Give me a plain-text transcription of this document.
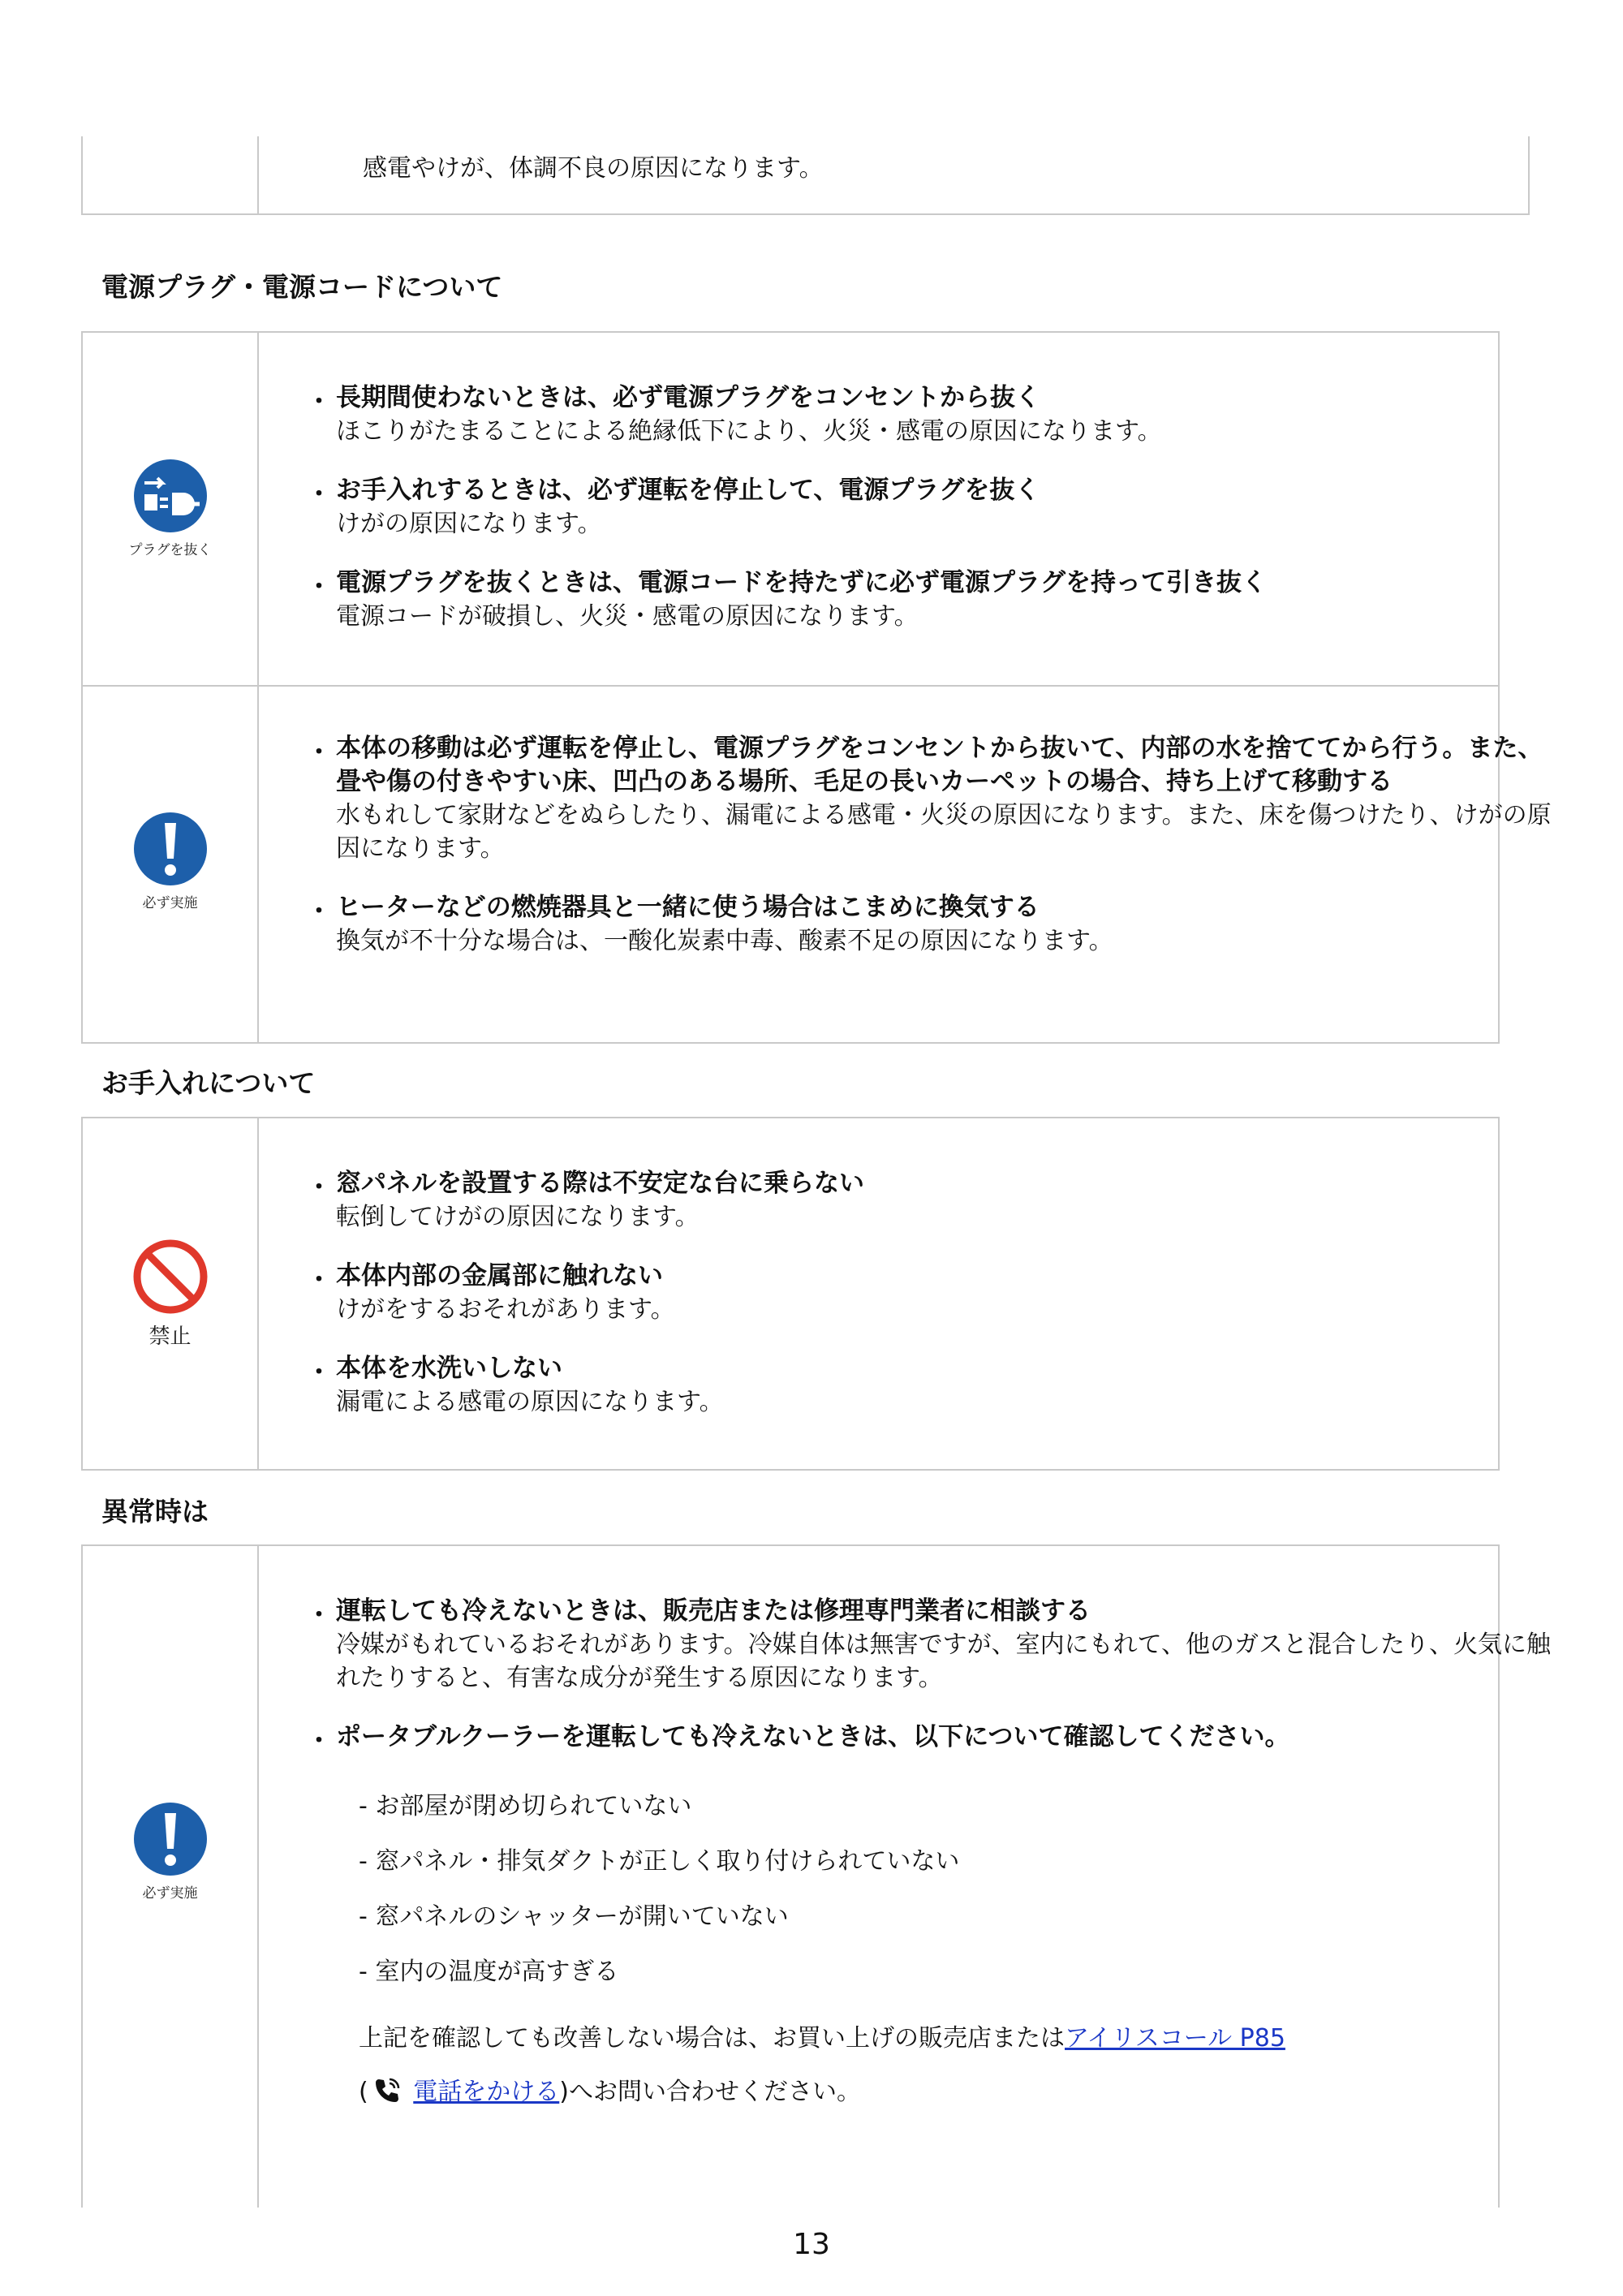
感電やけが、体調不良の原因になります。
電源プラグ・電源コードについて
プラグを抜く
・ 長期間使わないときは、必ず電源プラグをコンセントから抜く
ほこりがたまることによる絶縁低下により、火災・感電の原因になります。
・ お手入れするときは、必ず運転を停止して、電源プラグを抜く
けがの原因になります。
・ 電源プラグを抜くときは、電源コードを持たずに必ず電源プラグを持って引き抜く
電源コードが破損し、火災・感電の原因になります。
必ず実施
・ 本体の移動は必ず運転を停止し、電源プラグをコンセントから抜いて、内部の水を捨ててから行う。また、畳や傷の付きやすい床、凹凸のある場所、毛足の長いカーペットの場合、持ち上げて移動する
水もれして家財などをぬらしたり、漏電による感電・火災の原因になります。また、床を傷つけたり、けがの原因になります。
・ ヒーターなどの燃焼器具と一緒に使う場合はこまめに換気する
換気が不十分な場合は、一酸化炭素中毒、酸素不足の原因になります。
お手入れについて
禁止
・ 窓パネルを設置する際は不安定な台に乗らない
転倒してけがの原因になります。
・ 本体内部の金属部に触れない
けがをするおそれがあります。
・ 本体を水洗いしない
漏電による感電の原因になります。
異常時は
必ず実施
・ 運転しても冷えないときは、販売店または修理専門業者に相談する
冷媒がもれているおそれがあります。冷媒自体は無害ですが、室内にもれて、他のガスと混合したり、火気に触れたりすると、有害な成分が発生する原因になります。
・ ポータブルクーラーを運転しても冷えないときは、以下について確認してください。
- お部屋が閉め切られていない
- 窓パネル・排気ダクトが正しく取り付けられていない
- 窓パネルのシャッターが開いていない
- 室内の温度が高すぎる
上記を確認しても改善しない場合は、お買い上げの販売店またはアイリスコール P85
( 電話をかける)へお問い合わせください。
13
